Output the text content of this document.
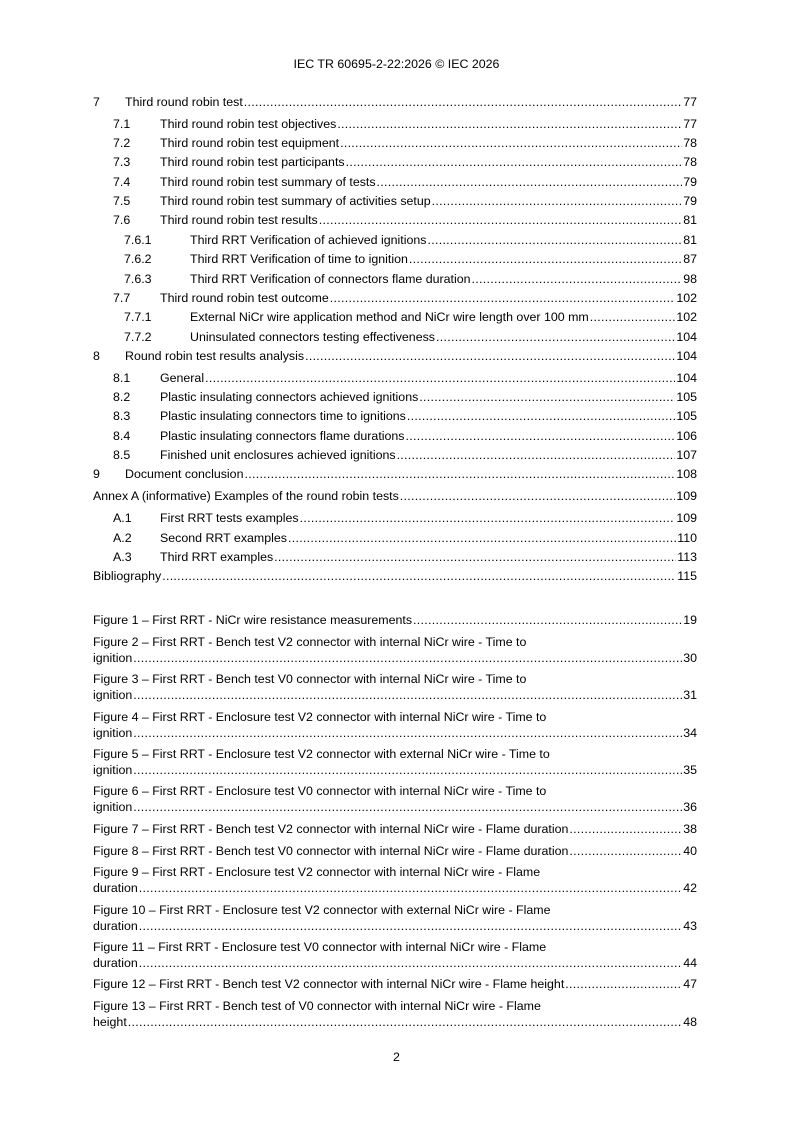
IEC TR 60695-2-22:2026 © IEC 2026
7	Third round robin test .....	77
7.1	Third round robin test objectives .....	77
7.2	Third round robin test equipment .....	78
7.3	Third round robin test participants .....	78
7.4	Third round robin test summary of tests .....	79
7.5	Third round robin test summary of activities setup .....	79
7.6	Third round robin test results .....	81
7.6.1	Third RRT Verification of achieved ignitions .....	81
7.6.2	Third RRT Verification of time to ignition .....	87
7.6.3	Third RRT Verification of connectors flame duration .....	98
7.7	Third round robin test outcome .....	102
7.7.1	External NiCr wire application method and NiCr wire length over 100 mm .....	102
7.7.2	Uninsulated connectors testing effectiveness .....	104
8	Round robin test results analysis .....	104
8.1	General .....	104
8.2	Plastic insulating connectors achieved ignitions .....	105
8.3	Plastic insulating connectors time to ignitions .....	105
8.4	Plastic insulating connectors flame durations .....	106
8.5	Finished unit enclosures achieved ignitions .....	107
9	Document conclusion .....	108
Annex A (informative) Examples of the round robin tests .....	109
A.1	First RRT tests examples .....	109
A.2	Second RRT examples .....	110
A.3	Third RRT examples .....	113
Bibliography .....	115
Figure 1 – First RRT - NiCr wire resistance measurements .....	19
Figure 2 – First RRT - Bench test V2 connector with internal NiCr wire - Time to
ignition .....	30
Figure 3 – First RRT - Bench test V0 connector with internal NiCr wire - Time to
ignition .....	31
Figure 4 – First RRT - Enclosure test V2 connector with internal NiCr wire - Time to
ignition .....	34
Figure 5 – First RRT - Enclosure test V2 connector with external NiCr wire - Time to
ignition .....	35
Figure 6 – First RRT - Enclosure test V0 connector with internal NiCr wire - Time to
ignition .....	36
Figure 7 – First RRT - Bench test V2 connector with internal NiCr wire - Flame duration .....	38
Figure 8 – First RRT - Bench test V0 connector with internal NiCr wire - Flame duration .....	40
Figure 9 – First RRT - Enclosure test V2 connector with internal NiCr wire - Flame
duration .....	42
Figure 10 – First RRT - Enclosure test V2 connector with external NiCr wire - Flame
duration .....	43
Figure 11 – First RRT - Enclosure test V0 connector with internal NiCr wire - Flame
duration .....	44
Figure 12 – First RRT - Bench test V2 connector with internal NiCr wire - Flame height .....	47
Figure 13 – First RRT - Bench test of V0 connector with internal NiCr wire - Flame
height .....	48
2
